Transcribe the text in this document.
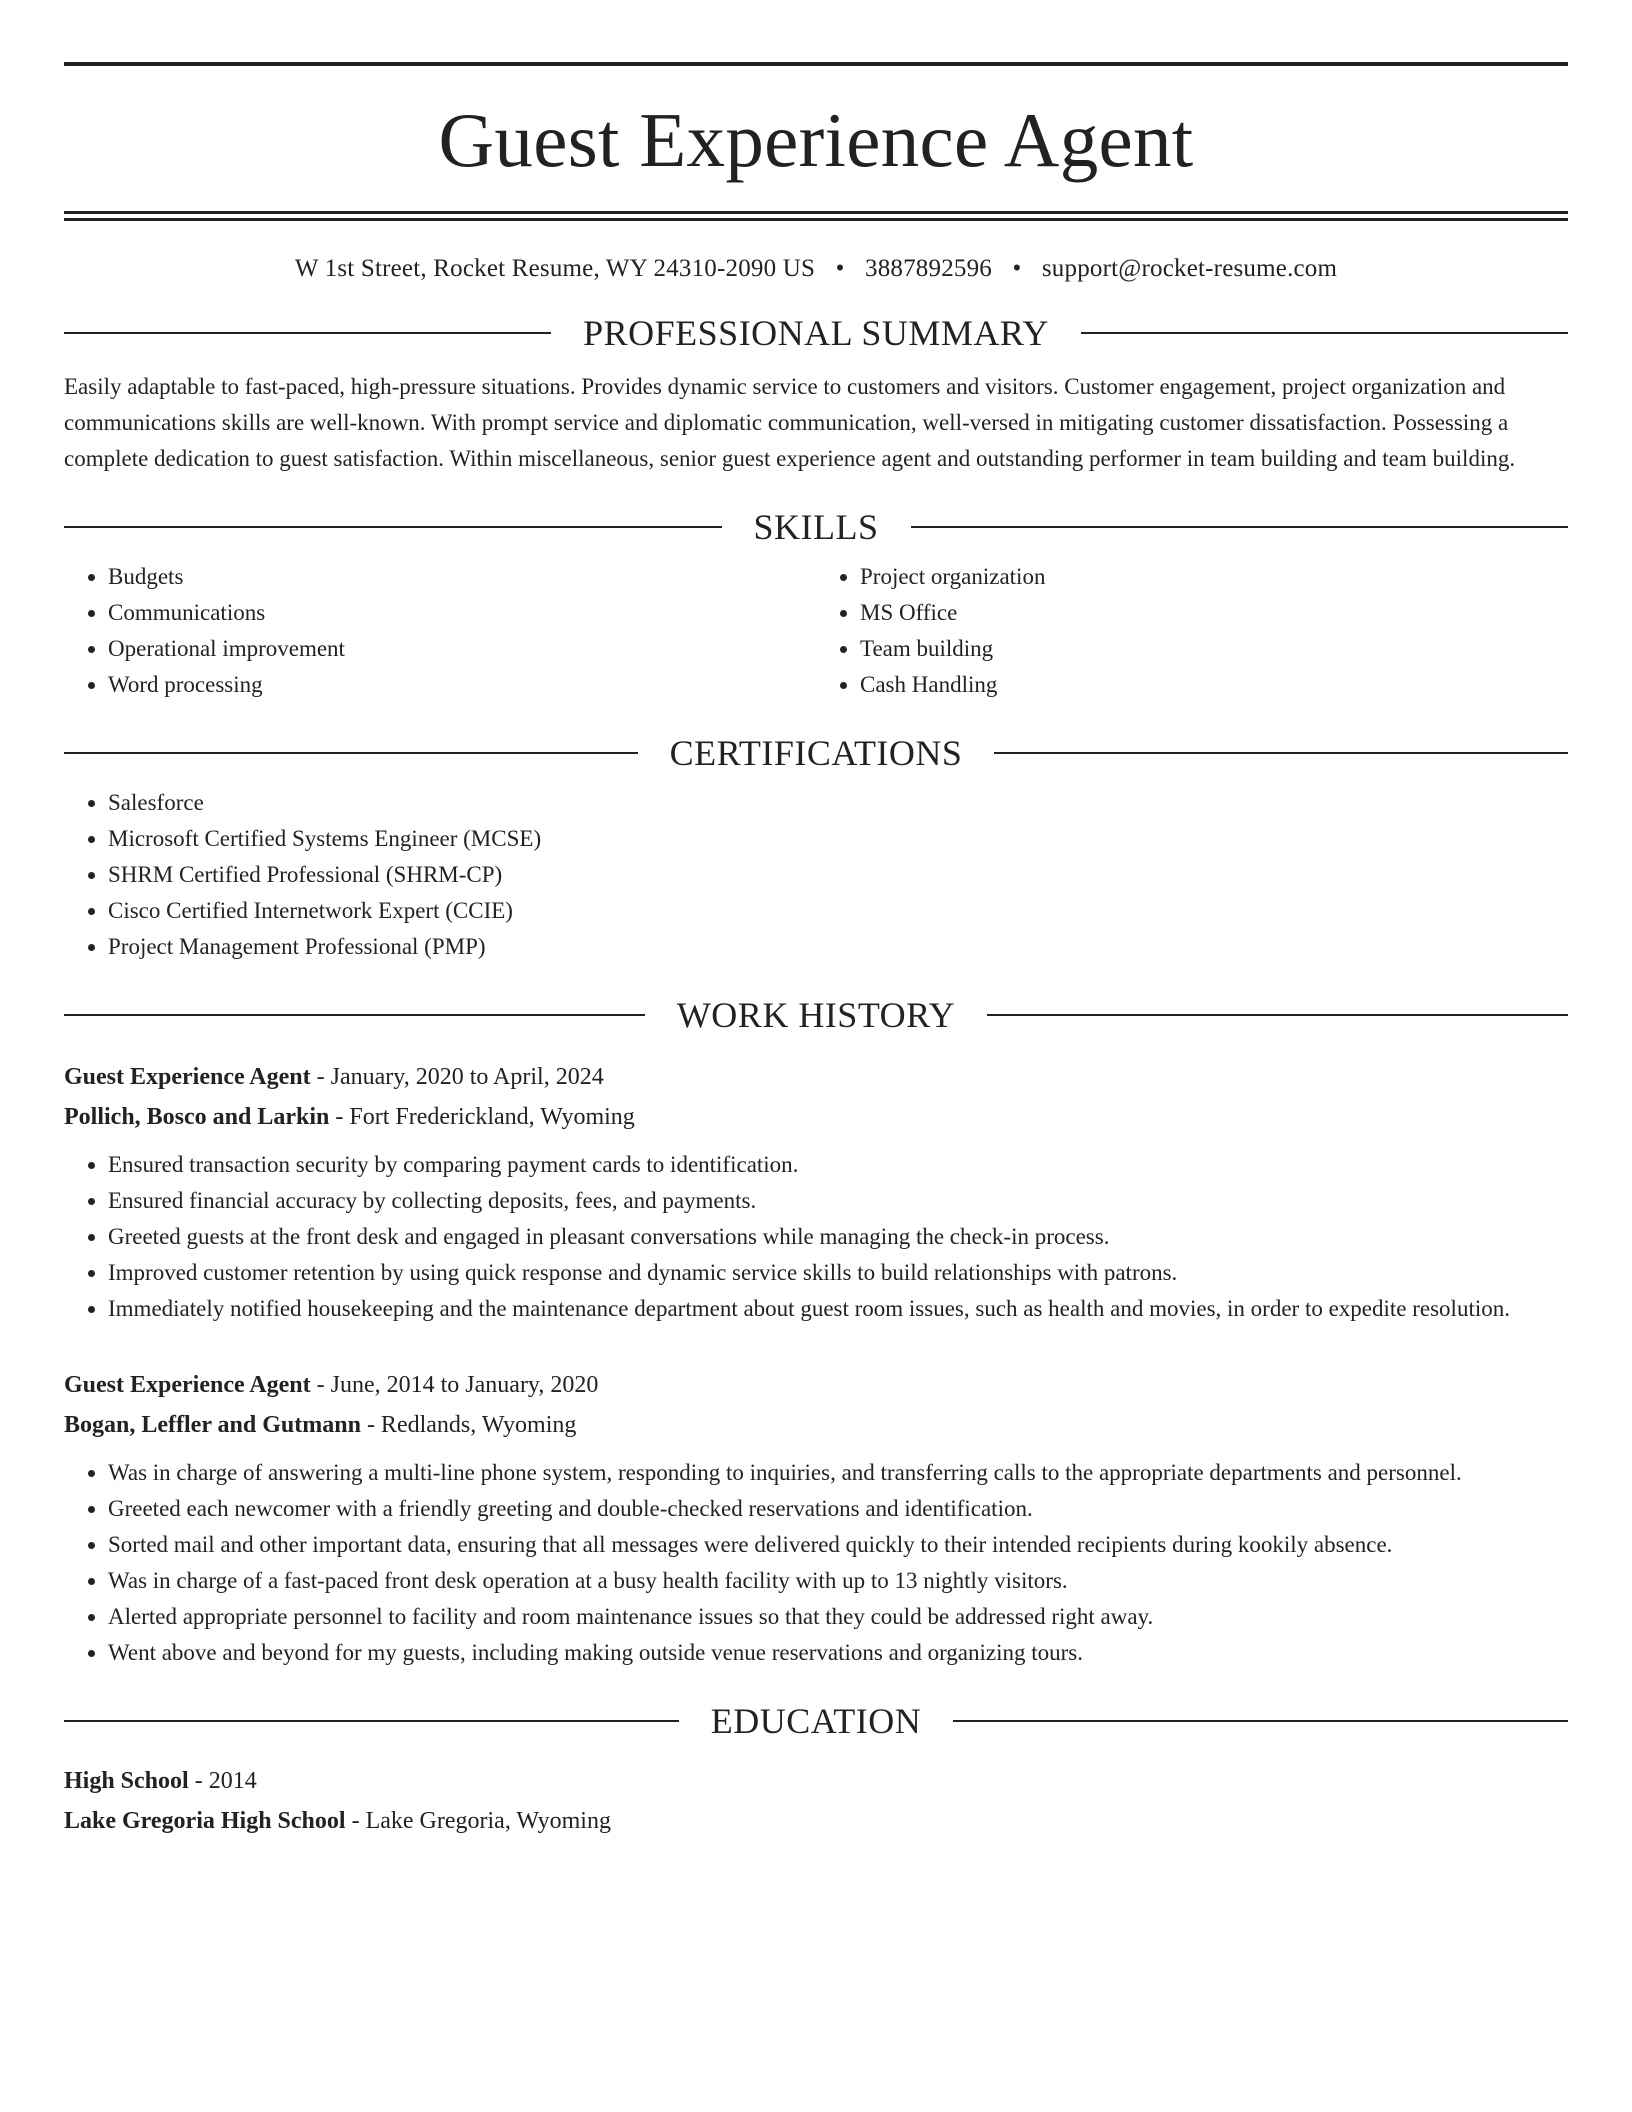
Guest Experience Agent
W 1st Street, Rocket Resume, WY 24310-2090 US • 3887892596 • support@rocket-resume.com
PROFESSIONAL SUMMARY
Easily adaptable to fast-paced, high-pressure situations. Provides dynamic service to customers and visitors. Customer engagement, project organization and communications skills are well-known. With prompt service and diplomatic communication, well-versed in mitigating customer dissatisfaction. Possessing a complete dedication to guest satisfaction. Within miscellaneous, senior guest experience agent and outstanding performer in team building and team building.
SKILLS
• Budgets
• Communications
• Operational improvement
• Word processing
• Project organization
• MS Office
• Team building
• Cash Handling
CERTIFICATIONS
• Salesforce
• Microsoft Certified Systems Engineer (MCSE)
• SHRM Certified Professional (SHRM-CP)
• Cisco Certified Internetwork Expert (CCIE)
• Project Management Professional (PMP)
WORK HISTORY
Guest Experience Agent - January, 2020 to April, 2024
Pollich, Bosco and Larkin - Fort Frederickland, Wyoming
• Ensured transaction security by comparing payment cards to identification.
• Ensured financial accuracy by collecting deposits, fees, and payments.
• Greeted guests at the front desk and engaged in pleasant conversations while managing the check-in process.
• Improved customer retention by using quick response and dynamic service skills to build relationships with patrons.
• Immediately notified housekeeping and the maintenance department about guest room issues, such as health and movies, in order to expedite resolution.
Guest Experience Agent - June, 2014 to January, 2020
Bogan, Leffler and Gutmann - Redlands, Wyoming
• Was in charge of answering a multi-line phone system, responding to inquiries, and transferring calls to the appropriate departments and personnel.
• Greeted each newcomer with a friendly greeting and double-checked reservations and identification.
• Sorted mail and other important data, ensuring that all messages were delivered quickly to their intended recipients during kookily absence.
• Was in charge of a fast-paced front desk operation at a busy health facility with up to 13 nightly visitors.
• Alerted appropriate personnel to facility and room maintenance issues so that they could be addressed right away.
• Went above and beyond for my guests, including making outside venue reservations and organizing tours.
EDUCATION
High School - 2014
Lake Gregoria High School - Lake Gregoria, Wyoming
